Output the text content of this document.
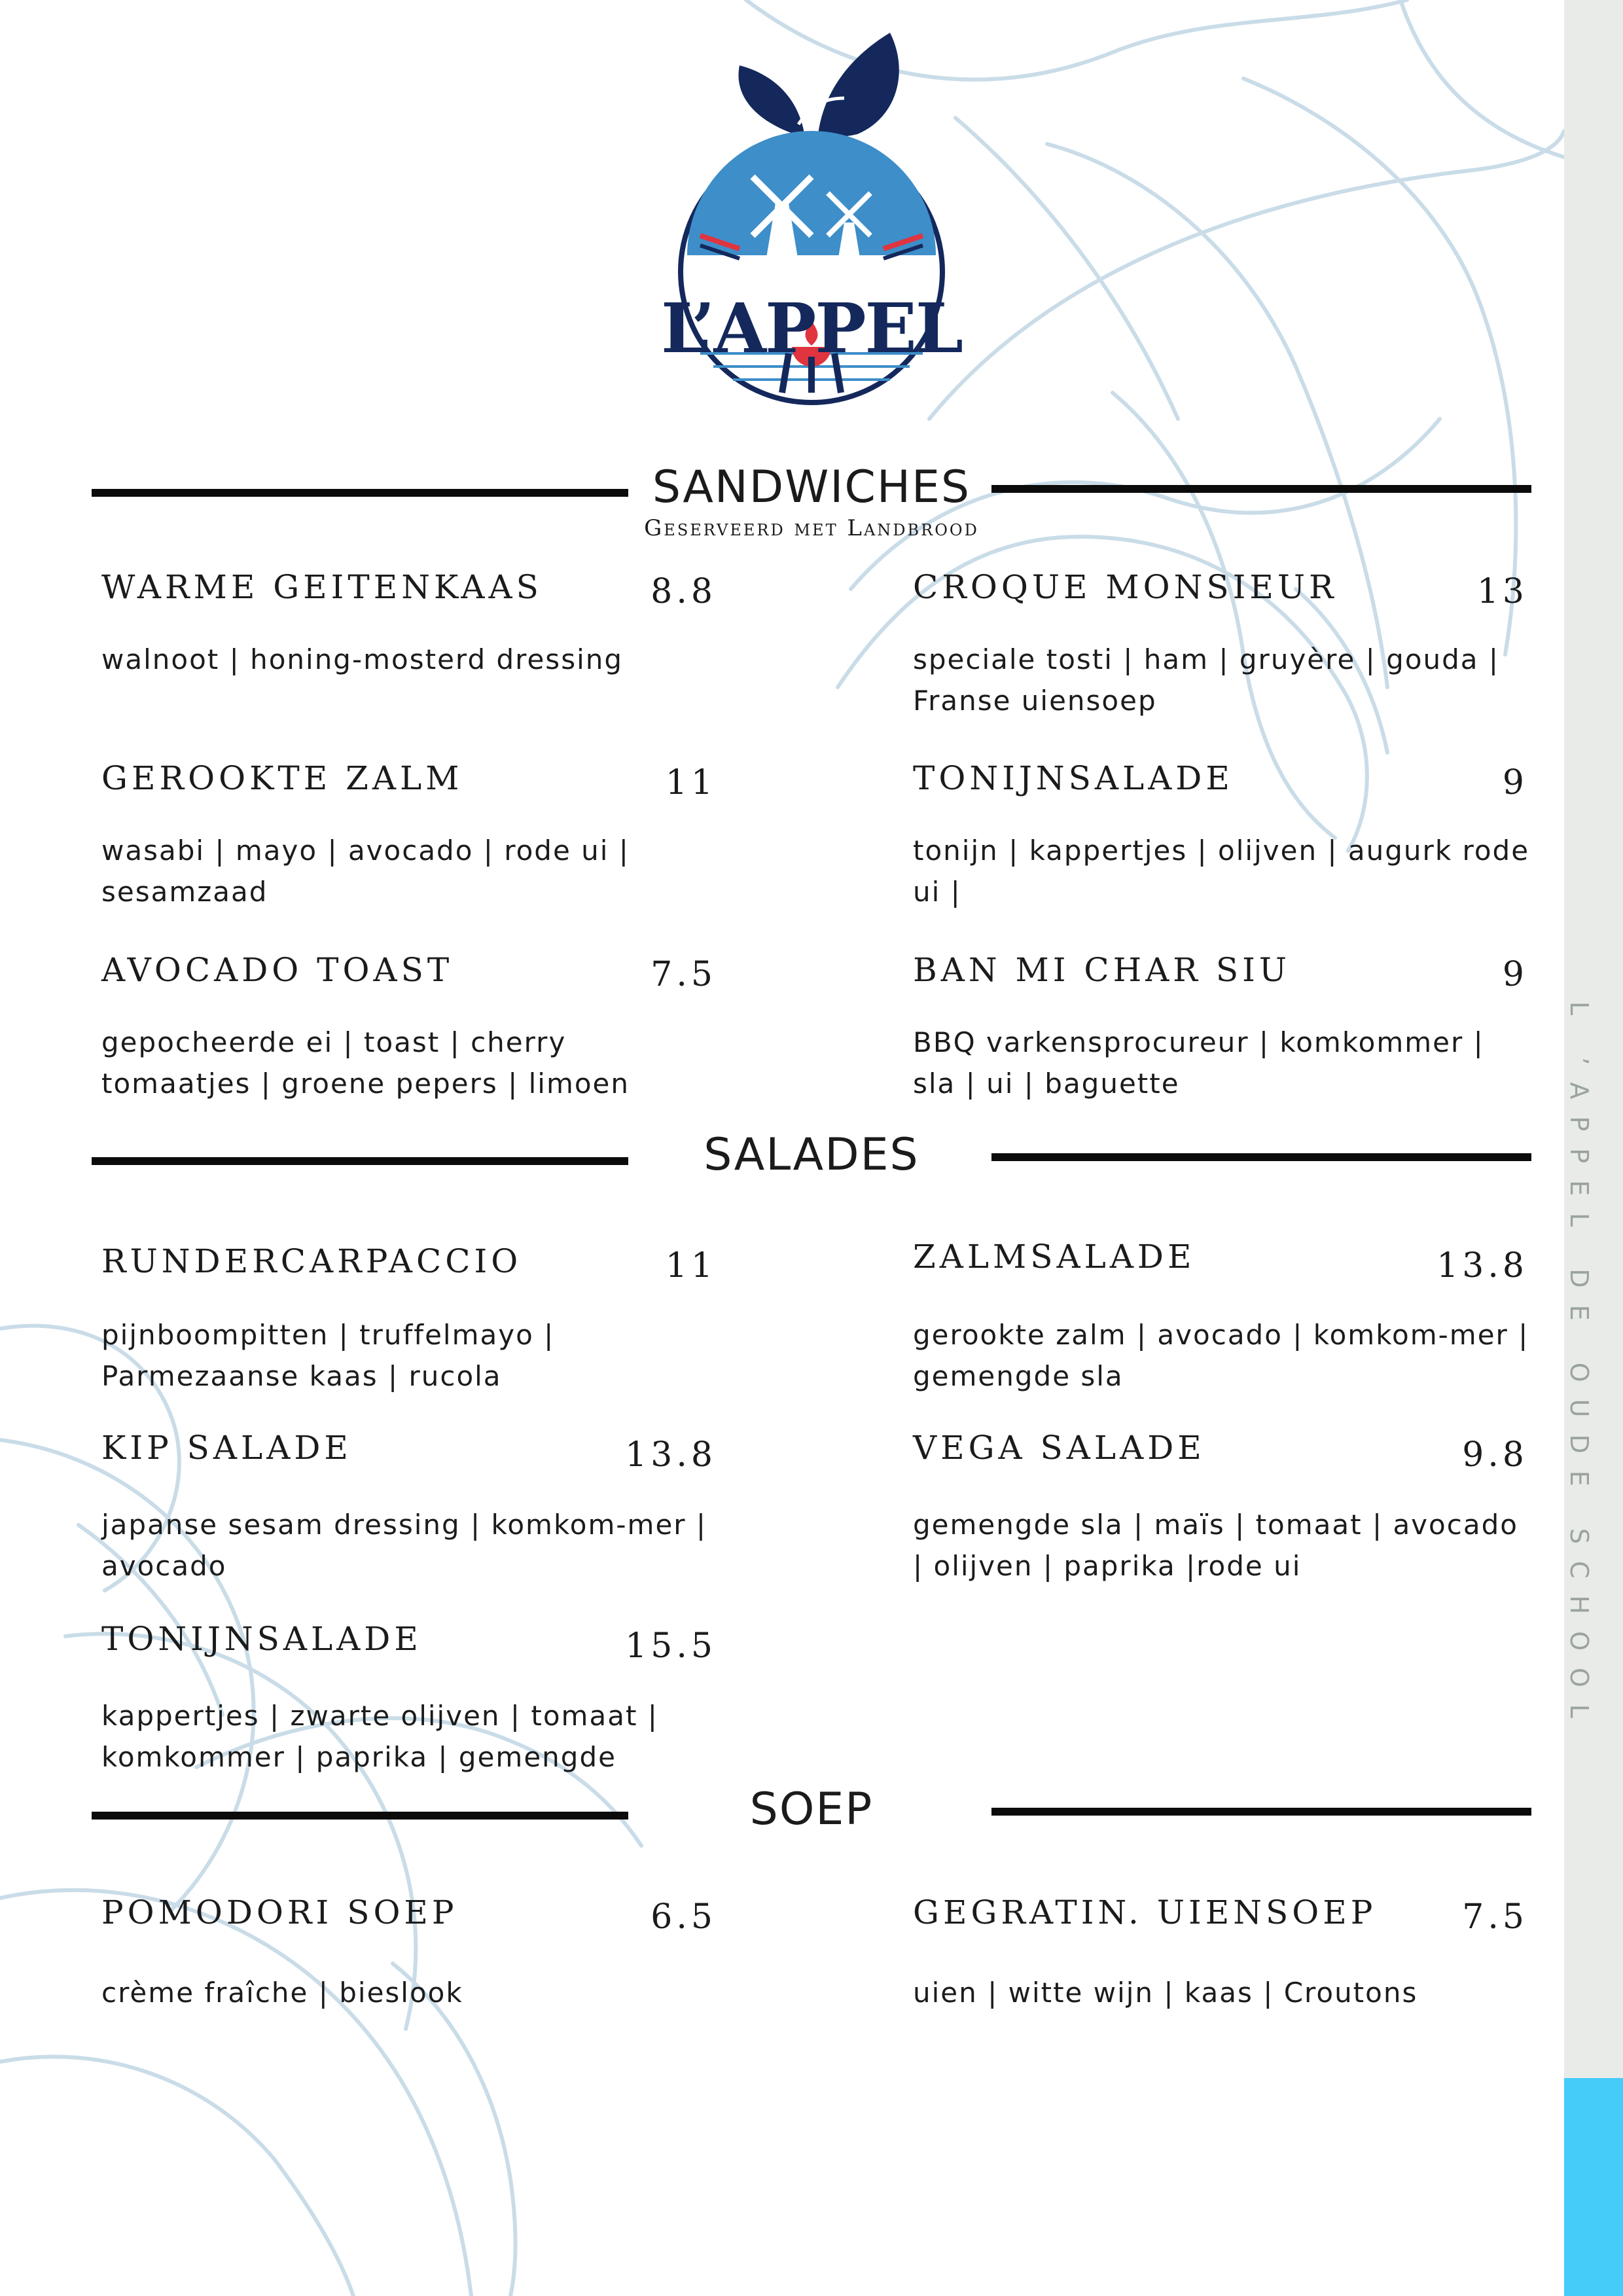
L ’APPEL DE OUDE SCHOOL
L’APPEL
SANDWICHES
Geserveerd met Landbrood
WARME GEITENKAAS	8.8
walnoot | honing-mosterd dressing
CROQUE MONSIEUR	13
speciale tosti | ham | gruyère | gouda | Franse uiensoep
GEROOKTE ZALM	11
wasabi | mayo | avocado | rode ui | sesamzaad
TONIJNSALADE	9
tonijn | kappertjes | olijven | augurk rode ui |
AVOCADO TOAST	7.5
gepocheerde ei | toast | cherry tomaatjes | groene pepers | limoen
BAN MI CHAR SIU	9
BBQ varkensprocureur | komkommer | sla | ui | baguette
SALADES
RUNDERCARPACCIO	11
pijnboompitten | truffelmayo | Parmezaanse kaas | rucola
ZALMSALADE	13.8
gerookte zalm | avocado | komkom-mer | gemengde sla
KIP SALADE	13.8
japanse sesam dressing | komkom-mer | avocado
VEGA SALADE	9.8
gemengde sla | maïs | tomaat | avocado | olijven | paprika |rode ui
TONIJNSALADE	15.5
kappertjes | zwarte olijven | tomaat | komkommer | paprika | gemengde
SOEP
POMODORI SOEP	6.5
crème fraîche | bieslook
GEGRATIN. UIENSOEP	7.5
uien | witte wijn | kaas | Croutons
